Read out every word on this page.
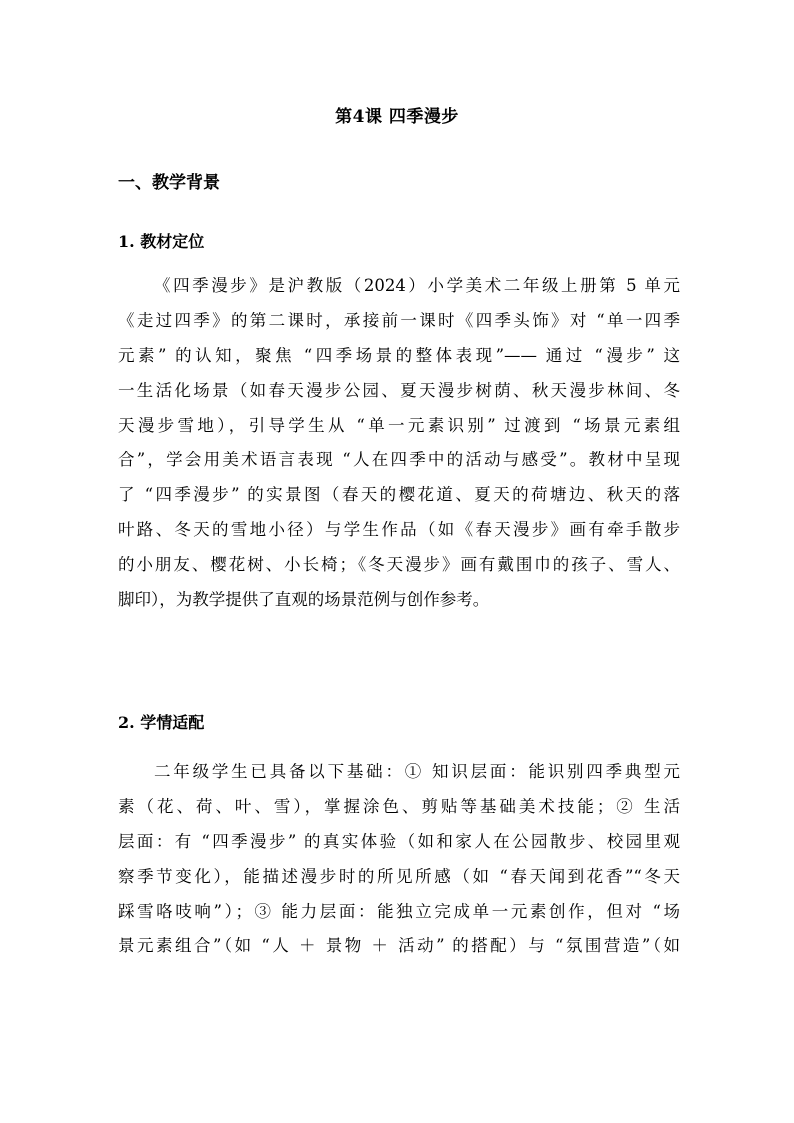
第4课 四季漫步
一、教学背景
1. 教材定位
《四季漫步》是沪教版（2024）小学美术二年级上册第 5 单元
《走过四季》的第二课时，承接前一课时《四季头饰》对 “单一四季
元素” 的认知，聚焦 “四季场景的整体表现”—— 通过 “漫步” 这
一生活化场景（如春天漫步公园、夏天漫步树荫、秋天漫步林间、冬
天漫步雪地），引导学生从 “单一元素识别” 过渡到 “场景元素组
合”，学会用美术语言表现 “人在四季中的活动与感受”。教材中呈现
了 “四季漫步” 的实景图（春天的樱花道、夏天的荷塘边、秋天的落
叶路、冬天的雪地小径）与学生作品（如《春天漫步》画有牵手散步
的小朋友、樱花树、小长椅；《冬天漫步》画有戴围巾的孩子、雪人、
脚印），为教学提供了直观的场景范例与创作参考。
2. 学情适配
二年级学生已具备以下基础：① 知识层面：能识别四季典型元
素（花、荷、叶、雪），掌握涂色、剪贴等基础美术技能；② 生活
层面：有 “四季漫步” 的真实体验（如和家人在公园散步、校园里观
察季节变化），能描述漫步时的所见所感（如 “春天闻到花香”“冬天
踩雪咯吱响”）；③ 能力层面：能独立完成单一元素创作，但对 “场
景元素组合”（如 “人 ＋ 景物 ＋ 活动” 的搭配）与 “氛围营造”（如
